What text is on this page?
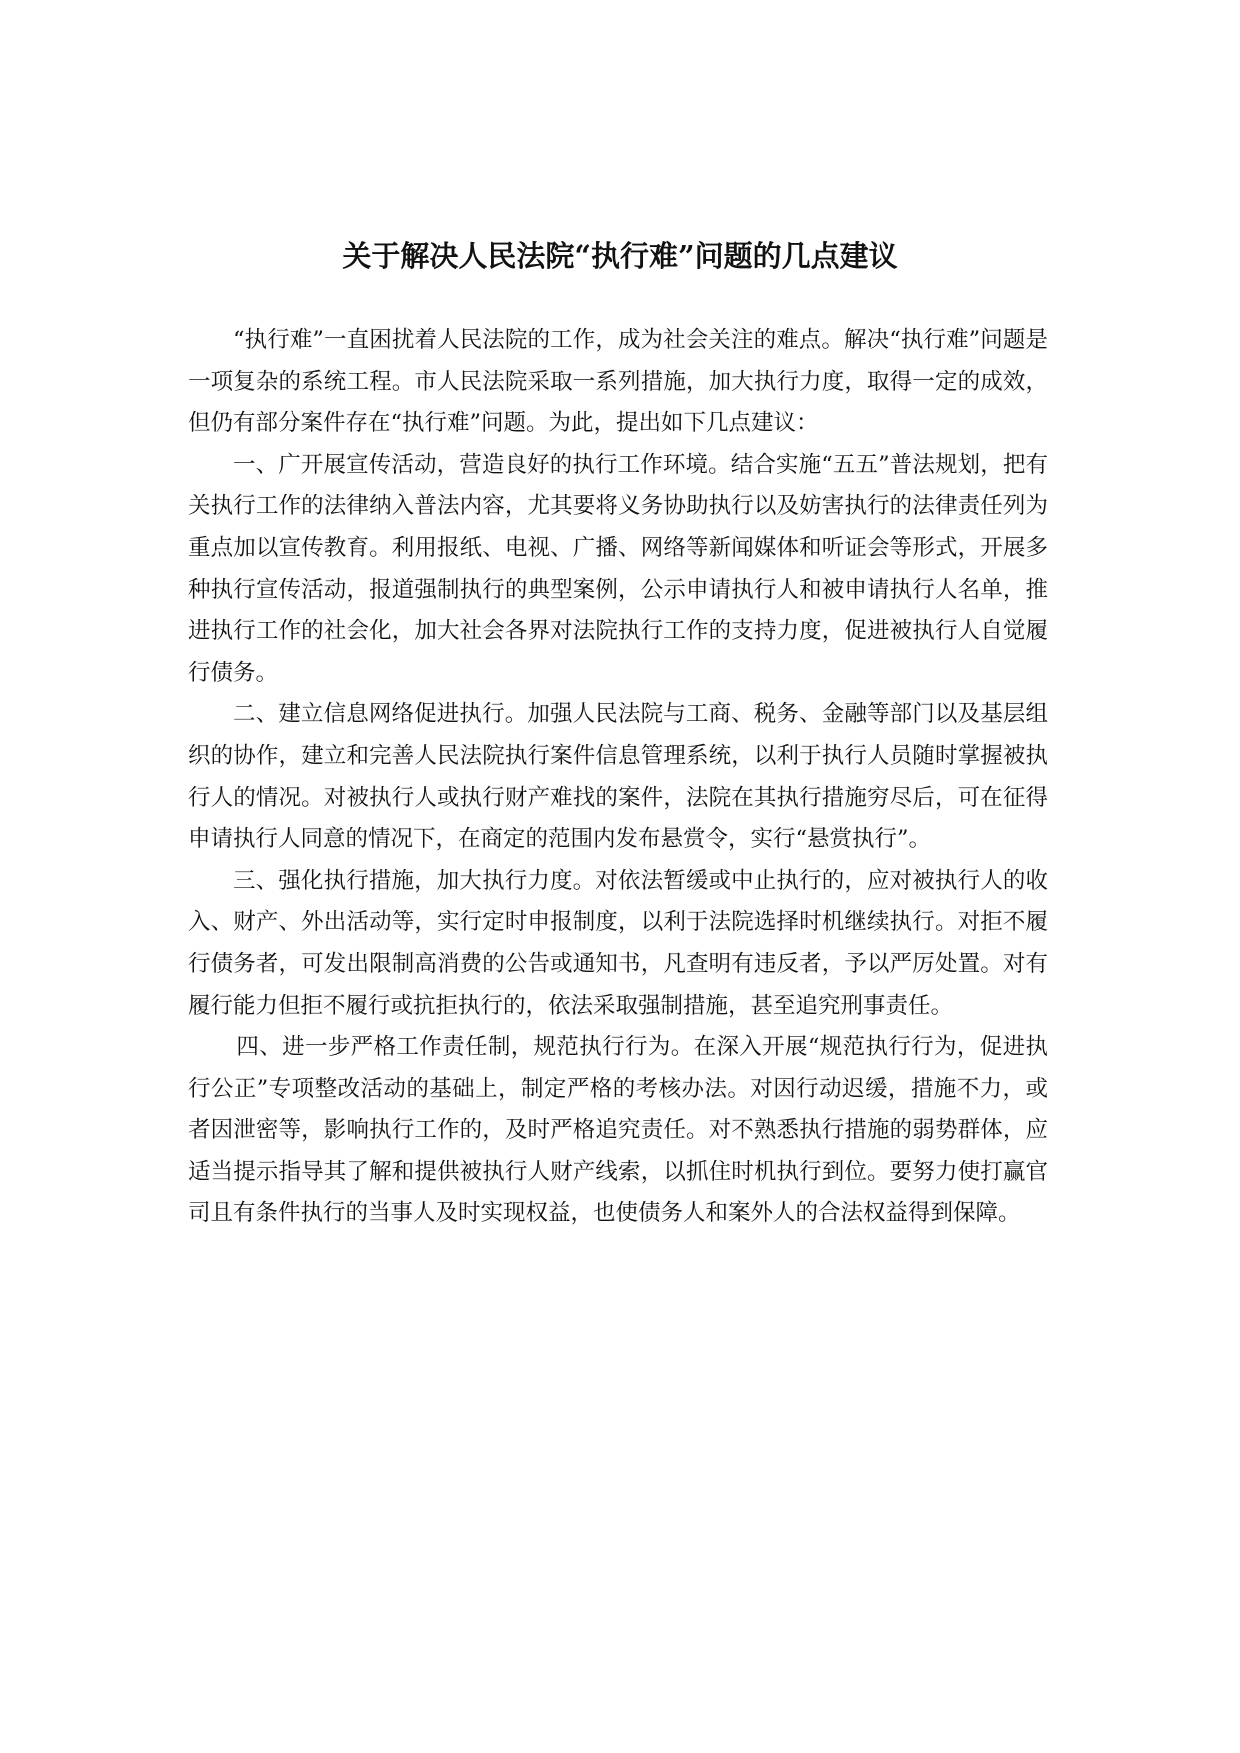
关于解决人民法院“执行难”问题的几点建议

“执行难”一直困扰着人民法院的工作，成为社会关注的难点。解决“执行难”问题是一项复杂的系统工程。市人民法院采取一系列措施，加大执行力度，取得一定的成效，但仍有部分案件存在“执行难”问题。为此，提出如下几点建议：

一、广开展宣传活动，营造良好的执行工作环境。结合实施“五五”普法规划，把有关执行工作的法律纳入普法内容，尤其要将义务协助执行以及妨害执行的法律责任列为重点加以宣传教育。利用报纸、电视、广播、网络等新闻媒体和听证会等形式，开展多种执行宣传活动，报道强制执行的典型案例，公示申请执行人和被申请执行人名单，推进执行工作的社会化，加大社会各界对法院执行工作的支持力度，促进被执行人自觉履行债务。

二、建立信息网络促进执行。加强人民法院与工商、税务、金融等部门以及基层组织的协作，建立和完善人民法院执行案件信息管理系统，以利于执行人员随时掌握被执行人的情况。对被执行人或执行财产难找的案件，法院在其执行措施穷尽后，可在征得申请执行人同意的情况下，在商定的范围内发布悬赏令，实行“悬赏执行”。

三、强化执行措施，加大执行力度。对依法暂缓或中止执行的，应对被执行人的收入、财产、外出活动等，实行定时申报制度，以利于法院选择时机继续执行。对拒不履行债务者，可发出限制高消费的公告或通知书，凡查明有违反者，予以严厉处置。对有履行能力但拒不履行或抗拒执行的，依法采取强制措施，甚至追究刑事责任。

四、进一步严格工作责任制，规范执行行为。在深入开展“规范执行行为，促进执行公正”专项整改活动的基础上，制定严格的考核办法。对因行动迟缓，措施不力，或者因泄密等，影响执行工作的，及时严格追究责任。对不熟悉执行措施的弱势群体，应适当提示指导其了解和提供被执行人财产线索，以抓住时机执行到位。要努力使打赢官司且有条件执行的当事人及时实现权益，也使债务人和案外人的合法权益得到保障。
